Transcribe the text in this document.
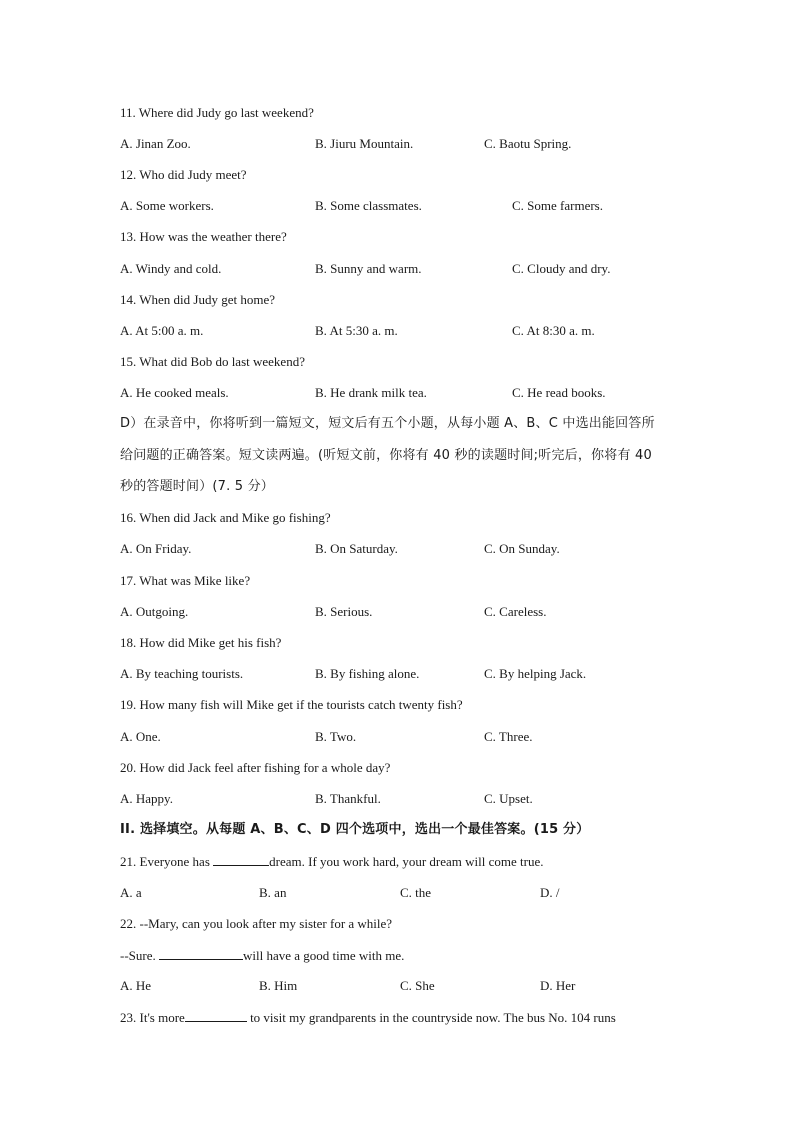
11. Where did Judy go last weekend?
A. Jinan Zoo.	B. Jiuru Mountain.	C. Baotu Spring.
12. Who did Judy meet?
A. Some workers.	B. Some classmates.	C. Some farmers.
13. How was the weather there?
A. Windy and cold.	B. Sunny and warm.	C. Cloudy and dry.
14. When did Judy get home?
A. At 5:00 a. m.	B. At 5:30 a. m.	C. At 8:30 a. m.
15. What did Bob do last weekend?
A. He cooked meals.	B. He drank milk tea.	C. He read books.
D）在录音中，你将听到一篇短文，短文后有五个小题，从每小题 A、B、C 中选出能回答所
给问题的正确答案。短文读两遍。(听短文前，你将有 40 秒的读题时间;听完后，你将有 40
秒的答题时间）(7. 5 分）
16. When did Jack and Mike go fishing?
A. On Friday.	B. On Saturday.	C. On Sunday.
17. What was Mike like?
A. Outgoing.	B. Serious.	C. Careless.
18. How did Mike get his fish?
A. By teaching tourists.	B. By fishing alone.	C. By helping Jack.
19. How many fish will Mike get if the tourists catch twenty fish?
A. One.	B. Two.	C. Three.
20. How did Jack feel after fishing for a whole day?
A. Happy.	B. Thankful.	C. Upset.
II. 选择填空。从每题 A、B、C、D 四个选项中，选出一个最佳答案。(15 分）
21. Everyone has	dream. If you work hard, your dream will come true.
A. a	B. an	C. the	D. /
22. --Mary, can you look after my sister for a while?
--Sure.	will have a good time with me.
A. He	B. Him	C. She	D. Her
23. It's more	to visit my grandparents in the countryside now. The bus No. 104 runs
